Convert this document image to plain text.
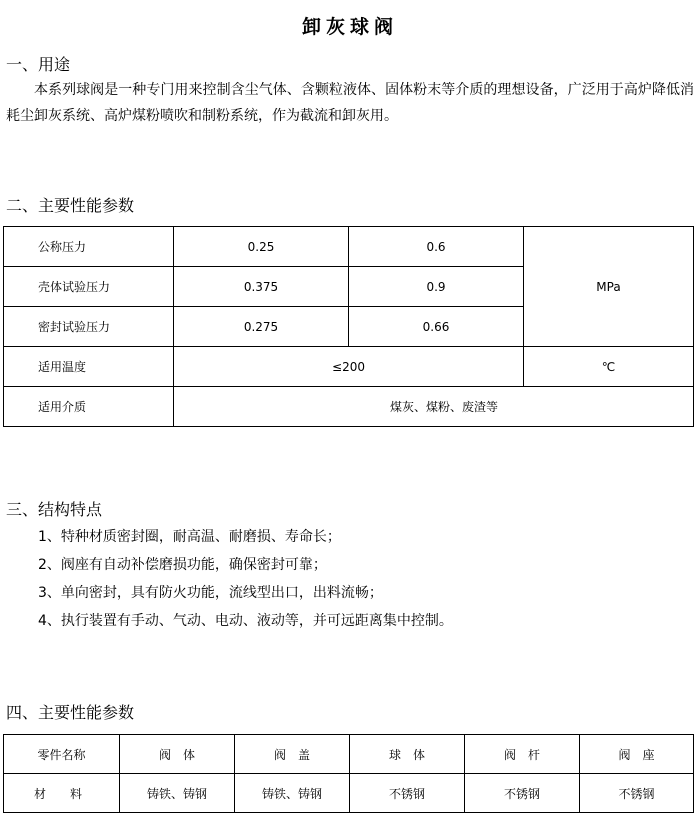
卸灰球阀
一、用途
本系列球阀是一种专门用来控制含尘气体、含颗粒液体、固体粉末等介质的理想设备，广泛用于高炉降低消耗尘卸灰系统、高炉煤粉喷吹和制粉系统，作为截流和卸灰用。
二、主要性能参数
公称压力	0.25	0.6	MPa
壳体试验压力	0.375	0.9	
密封试验压力	0.275	0.66	
适用温度	≤200		℃
适用介质	煤灰、煤粉、废渣等		
三、结构特点
1、特种材质密封圈，耐高温、耐磨损、寿命长；
2、阀座有自动补偿磨损功能，确保密封可靠；
3、单向密封，具有防火功能，流线型出口，出料流畅；
4、执行装置有手动、气动、电动、液动等，并可远距离集中控制。
四、主要性能参数
零件名称	阀　体	阀　盖	球　体	阀　杆	阀　座
材　　料	铸铁、铸钢	铸铁、铸钢	不锈钢	不锈钢	不锈钢
